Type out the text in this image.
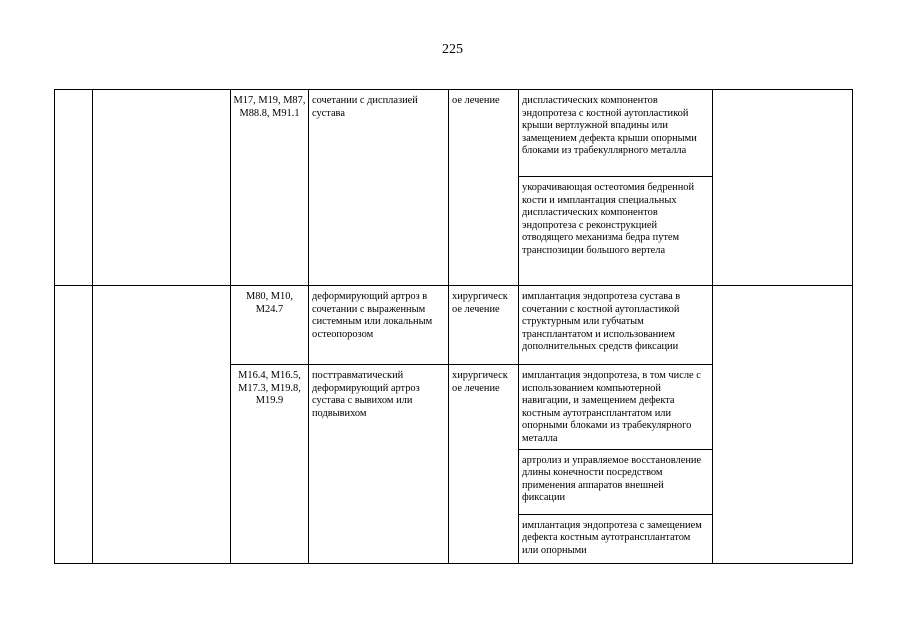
225
		M17, M19, M87, M88.8, M91.1	сочетании с дисплазией сустава	ое лечение	диспластических компонентов эндопротеза с костной аутопластикой крыши вертлужной впадины или замещением дефекта крыши опорными блоками из трабекуллярного металла	
					укорачивающая остеотомия бедренной кости и имплантация специальных диспластических компонентов эндопротеза с реконструкцией отводящего механизма бедра путем транспозиции большого вертела	
		M80, M10, M24.7	деформирующий артроз в сочетании с выраженным системным или локальным остеопорозом	хирургическ ое лечение	имплантация эндопротеза сустава в сочетании с костной аутопластикой структурным или губчатым трансплантатом и использованием дополнительных средств фиксации	
		M16.4, M16.5, M17.3, M19.8, M19.9	посттравматический деформирующий артроз сустава с вывихом или подвывихом	хирургическ ое лечение	имплантация эндопротеза, в том числе с использованием компьютерной навигации, и замещением дефекта костным аутотрансплантатом или опорными блоками из трабекулярного металла	
					артролиз и управляемое восстановление длины конечности посредством применения аппаратов внешней фиксации	
					имплантация эндопротеза с замещением дефекта костным аутотрансплантатом или опорными	
